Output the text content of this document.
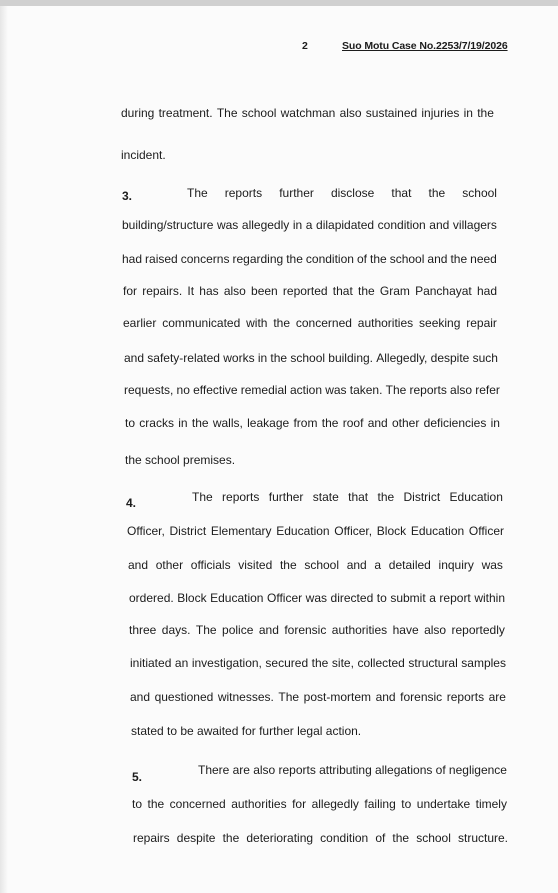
2	Suo Motu Case No.2253/7/19/2026
during treatment. The school watchman also sustained injuries in the
incident.
3.	The reports further disclose that the school
building/structure was allegedly in a dilapidated condition and villagers
had raised concerns regarding the condition of the school and the need
for repairs. It has also been reported that the Gram Panchayat had
earlier communicated with the concerned authorities seeking repair
and safety-related works in the school building. Allegedly, despite such
requests, no effective remedial action was taken. The reports also refer
to cracks in the walls, leakage from the roof and other deficiencies in
the school premises.
4.	The reports further state that the District Education
Officer, District Elementary Education Officer, Block Education Officer
and other officials visited the school and a detailed inquiry was
ordered. Block Education Officer was directed to submit a report within
three days. The police and forensic authorities have also reportedly
initiated an investigation, secured the site, collected structural samples
and questioned witnesses. The post-mortem and forensic reports are
stated to be awaited for further legal action.
5.	There are also reports attributing allegations of negligence
to the concerned authorities for allegedly failing to undertake timely
repairs despite the deteriorating condition of the school structure.
